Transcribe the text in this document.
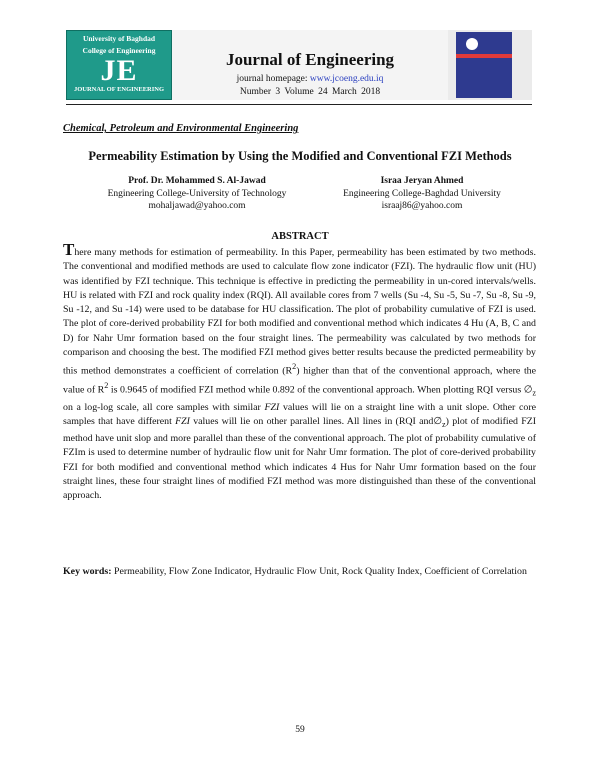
University of Baghdad
College of Engineering
JE
JOURNAL OF ENGINEERING
Journal of Engineering
journal homepage: www.jcoeng.edu.iq
Number 3 Volume 24 March 2018
Chemical, Petroleum and Environmental Engineering
Permeability Estimation by Using the Modified and Conventional FZI Methods
Prof. Dr. Mohammed S. Al-Jawad
Engineering College-University of Technology
mohaljawad@yahoo.com
Israa Jeryan Ahmed
Engineering College-Baghdad University
israaj86@yahoo.com
ABSTRACT

There many methods for estimation of permeability. In this Paper, permeability has been estimated by two methods. The conventional and modified methods are used to calculate flow zone indicator (FZI). The hydraulic flow unit (HU) was identified by FZI technique. This technique is effective in predicting the permeability in un-cored intervals/wells. HU is related with FZI and rock quality index (RQI). All available cores from 7 wells (Su -4, Su -5, Su -7, Su -8, Su -9, Su -12, and Su -14) were used to be database for HU classification. The plot of probability cumulative of FZI is used. The plot of core-derived probability FZI for both modified and conventional method which indicates 4 Hu (A, B, C and D) for Nahr Umr formation based on the four straight lines. The permeability was calculated by two methods for comparison and choosing the best. The modified FZI method gives better results because the predicted permeability by this method demonstrates a coefficient of correlation $(R^2)$ higher than that of the conventional approach, where the value of $R^2$ is 0.9645 of modified FZI method while 0.892 of the conventional approach. When plotting RQI versus $\emptyset_z$ on a log-log scale, all core samples with similar FZI values will lie on a straight line with a unit slope. Other core samples that have different FZI values will lie on other parallel lines. All lines in (RQI $and\emptyset_z$) plot of modified FZI method have unit slop and more parallel than these of the conventional approach. The plot of probability cumulative of FZIm is used to determine number of hydraulic flow unit for Nahr Umr formation. The plot of core-derived probability FZI for both modified and conventional method which indicates 4 Hus for Nahr Umr formation based on the four straight lines, these four straight lines of modified FZI method was more distinguished than these of the conventional approach.

Key words: Permeability, Flow Zone Indicator, Hydraulic Flow Unit, Rock Quality Index, Coefficient of Correlation

59
